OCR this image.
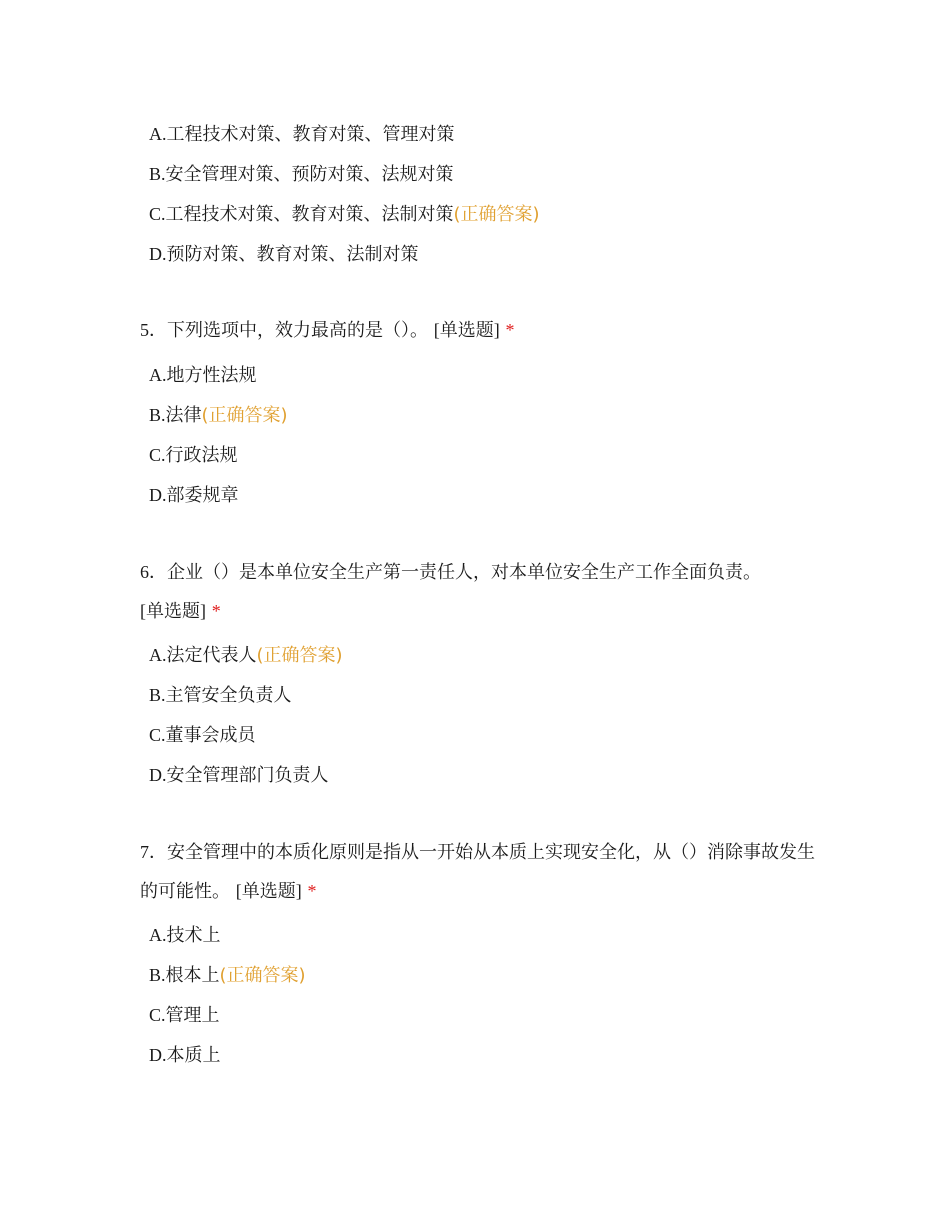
A.工程技术对策、教育对策、管理对策
B.安全管理对策、预防对策、法规对策
C.工程技术对策、教育对策、法制对策(正确答案)
D.预防对策、教育对策、法制对策
5．下列选项中，效力最高的是（）。 [单选题] *
A.地方性法规
B.法律(正确答案)
C.行政法规
D.部委规章
6．企业（）是本单位安全生产第一责任人，对本单位安全生产工作全面负责。
[单选题] *
A.法定代表人(正确答案)
B.主管安全负责人
C.董事会成员
D.安全管理部门负责人
7．安全管理中的本质化原则是指从一开始从本质上实现安全化，从（）消除事故发生的可能性。 [单选题] *
A.技术上
B.根本上(正确答案)
C.管理上
D.本质上
